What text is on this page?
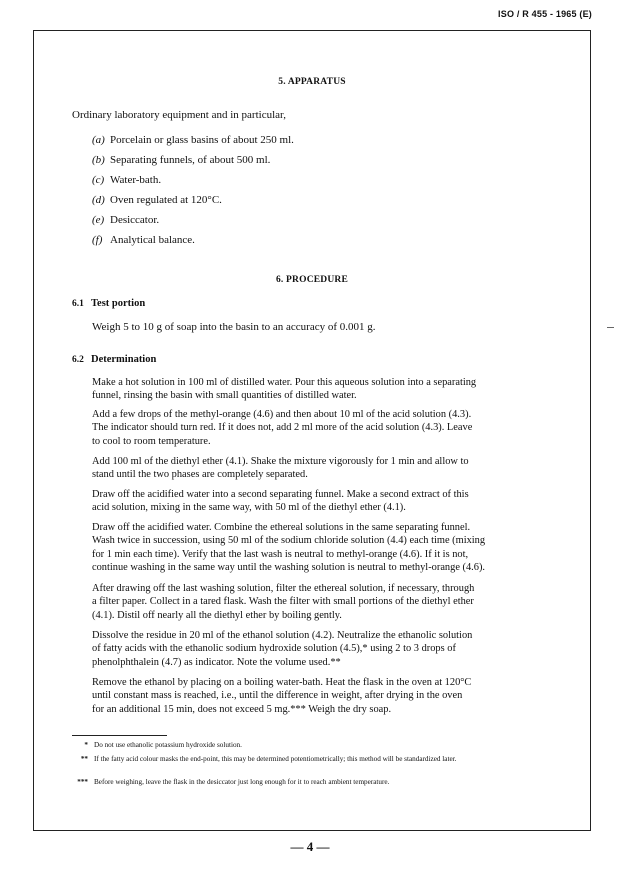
ISO / R 455 - 1965 (E)
5. APPARATUS
Ordinary laboratory equipment and in particular,
(a) Porcelain or glass basins of about 250 ml.
(b) Separating funnels, of about 500 ml.
(c) Water-bath.
(d) Oven regulated at 120°C.
(e) Desiccator.
(f) Analytical balance.
6. PROCEDURE
6.1 Test portion
Weigh 5 to 10 g of soap into the basin to an accuracy of 0.001 g.
6.2 Determination
Make a hot solution in 100 ml of distilled water. Pour this aqueous solution into a separating
funnel, rinsing the basin with small quantities of distilled water.
Add a few drops of the methyl-orange (4.6) and then about 10 ml of the acid solution (4.3).
The indicator should turn red. If it does not, add 2 ml more of the acid solution (4.3). Leave
to cool to room temperature.
Add 100 ml of the diethyl ether (4.1). Shake the mixture vigorously for 1 min and allow to
stand until the two phases are completely separated.
Draw off the acidified water into a second separating funnel. Make a second extract of this
acid solution, mixing in the same way, with 50 ml of the diethyl ether (4.1).
Draw off the acidified water. Combine the ethereal solutions in the same separating funnel.
Wash twice in succession, using 50 ml of the sodium chloride solution (4.4) each time (mixing
for 1 min each time). Verify that the last wash is neutral to methyl-orange (4.6). If it is not,
continue washing in the same way until the washing solution is neutral to methyl-orange (4.6).
After drawing off the last washing solution, filter the ethereal solution, if necessary, through
a filter paper. Collect in a tared flask. Wash the filter with small portions of the diethyl ether
(4.1). Distil off nearly all the diethyl ether by boiling gently.
Dissolve the residue in 20 ml of the ethanol solution (4.2). Neutralize the ethanolic solution
of fatty acids with the ethanolic sodium hydroxide solution (4.5),* using 2 to 3 drops of
phenolphthalein (4.7) as indicator. Note the volume used.**
Remove the ethanol by placing on a boiling water-bath. Heat the flask in the oven at 120°C
until constant mass is reached, i.e., until the difference in weight, after drying in the oven
for an additional 15 min, does not exceed 5 mg.*** Weigh the dry soap.
* Do not use ethanolic potassium hydroxide solution.
** If the fatty acid colour masks the end-point, this may be determined potentiometrically; this method will be standardized later.
*** Before weighing, leave the flask in the desiccator just long enough for it to reach ambient temperature.
— 4 —
